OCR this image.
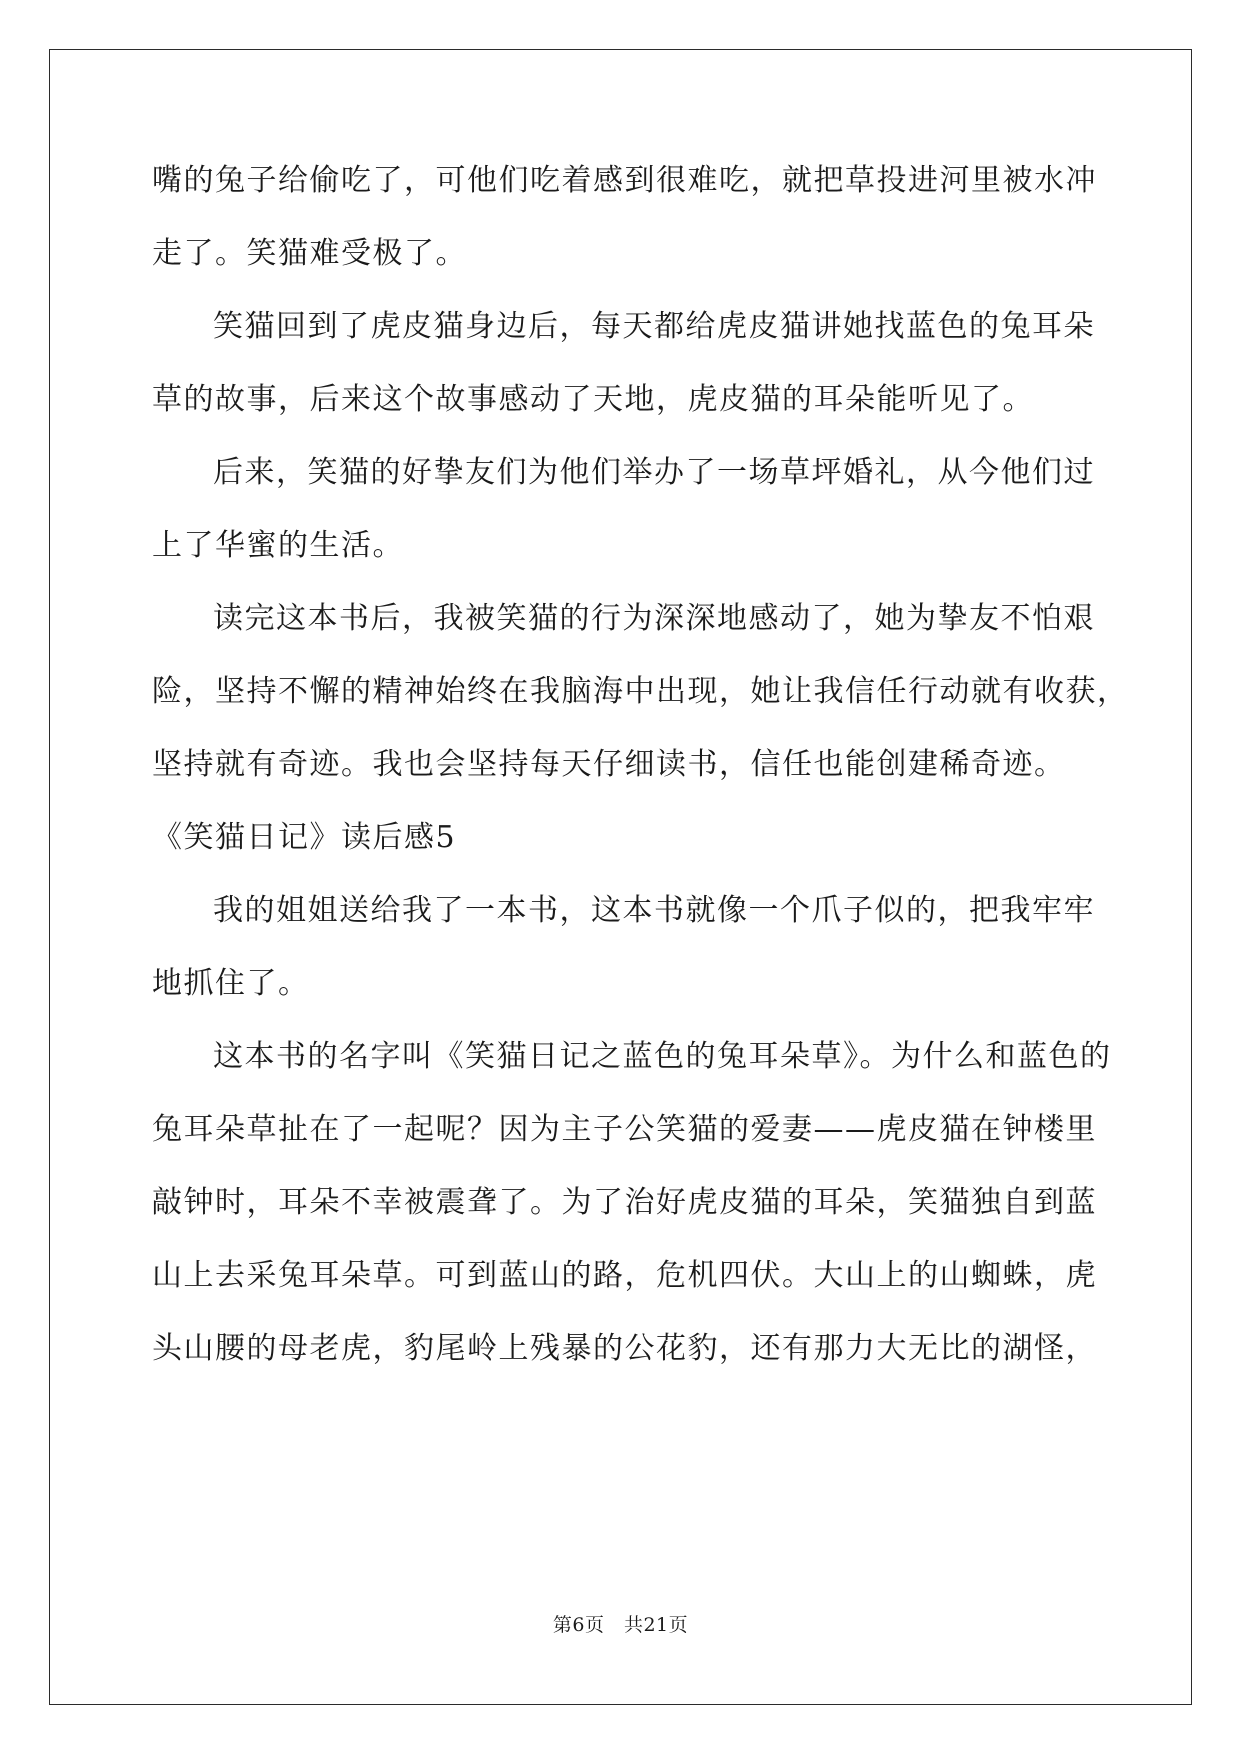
嘴的兔子给偷吃了，可他们吃着感到很难吃，就把草投进河里被水冲
走了。笑猫难受极了。
笑猫回到了虎皮猫身边后，每天都给虎皮猫讲她找蓝色的兔耳朵
草的故事，后来这个故事感动了天地，虎皮猫的耳朵能听见了。
后来，笑猫的好挚友们为他们举办了一场草坪婚礼，从今他们过
上了华蜜的生活。
读完这本书后，我被笑猫的行为深深地感动了，她为挚友不怕艰
险，坚持不懈的精神始终在我脑海中出现，她让我信任行动就有收获，
坚持就有奇迹。我也会坚持每天仔细读书，信任也能创建稀奇迹。
《笑猫日记》读后感5
我的姐姐送给我了一本书，这本书就像一个爪子似的，把我牢牢
地抓住了。
这本书的名字叫《笑猫日记之蓝色的兔耳朵草》。为什么和蓝色的
兔耳朵草扯在了一起呢？因为主子公笑猫的爱妻——虎皮猫在钟楼里
敲钟时，耳朵不幸被震聋了。为了治好虎皮猫的耳朵，笑猫独自到蓝
山上去采兔耳朵草。可到蓝山的路，危机四伏。大山上的山蜘蛛，虎
头山腰的母老虎，豹尾岭上残暴的公花豹，还有那力大无比的湖怪，
第6页　共21页
